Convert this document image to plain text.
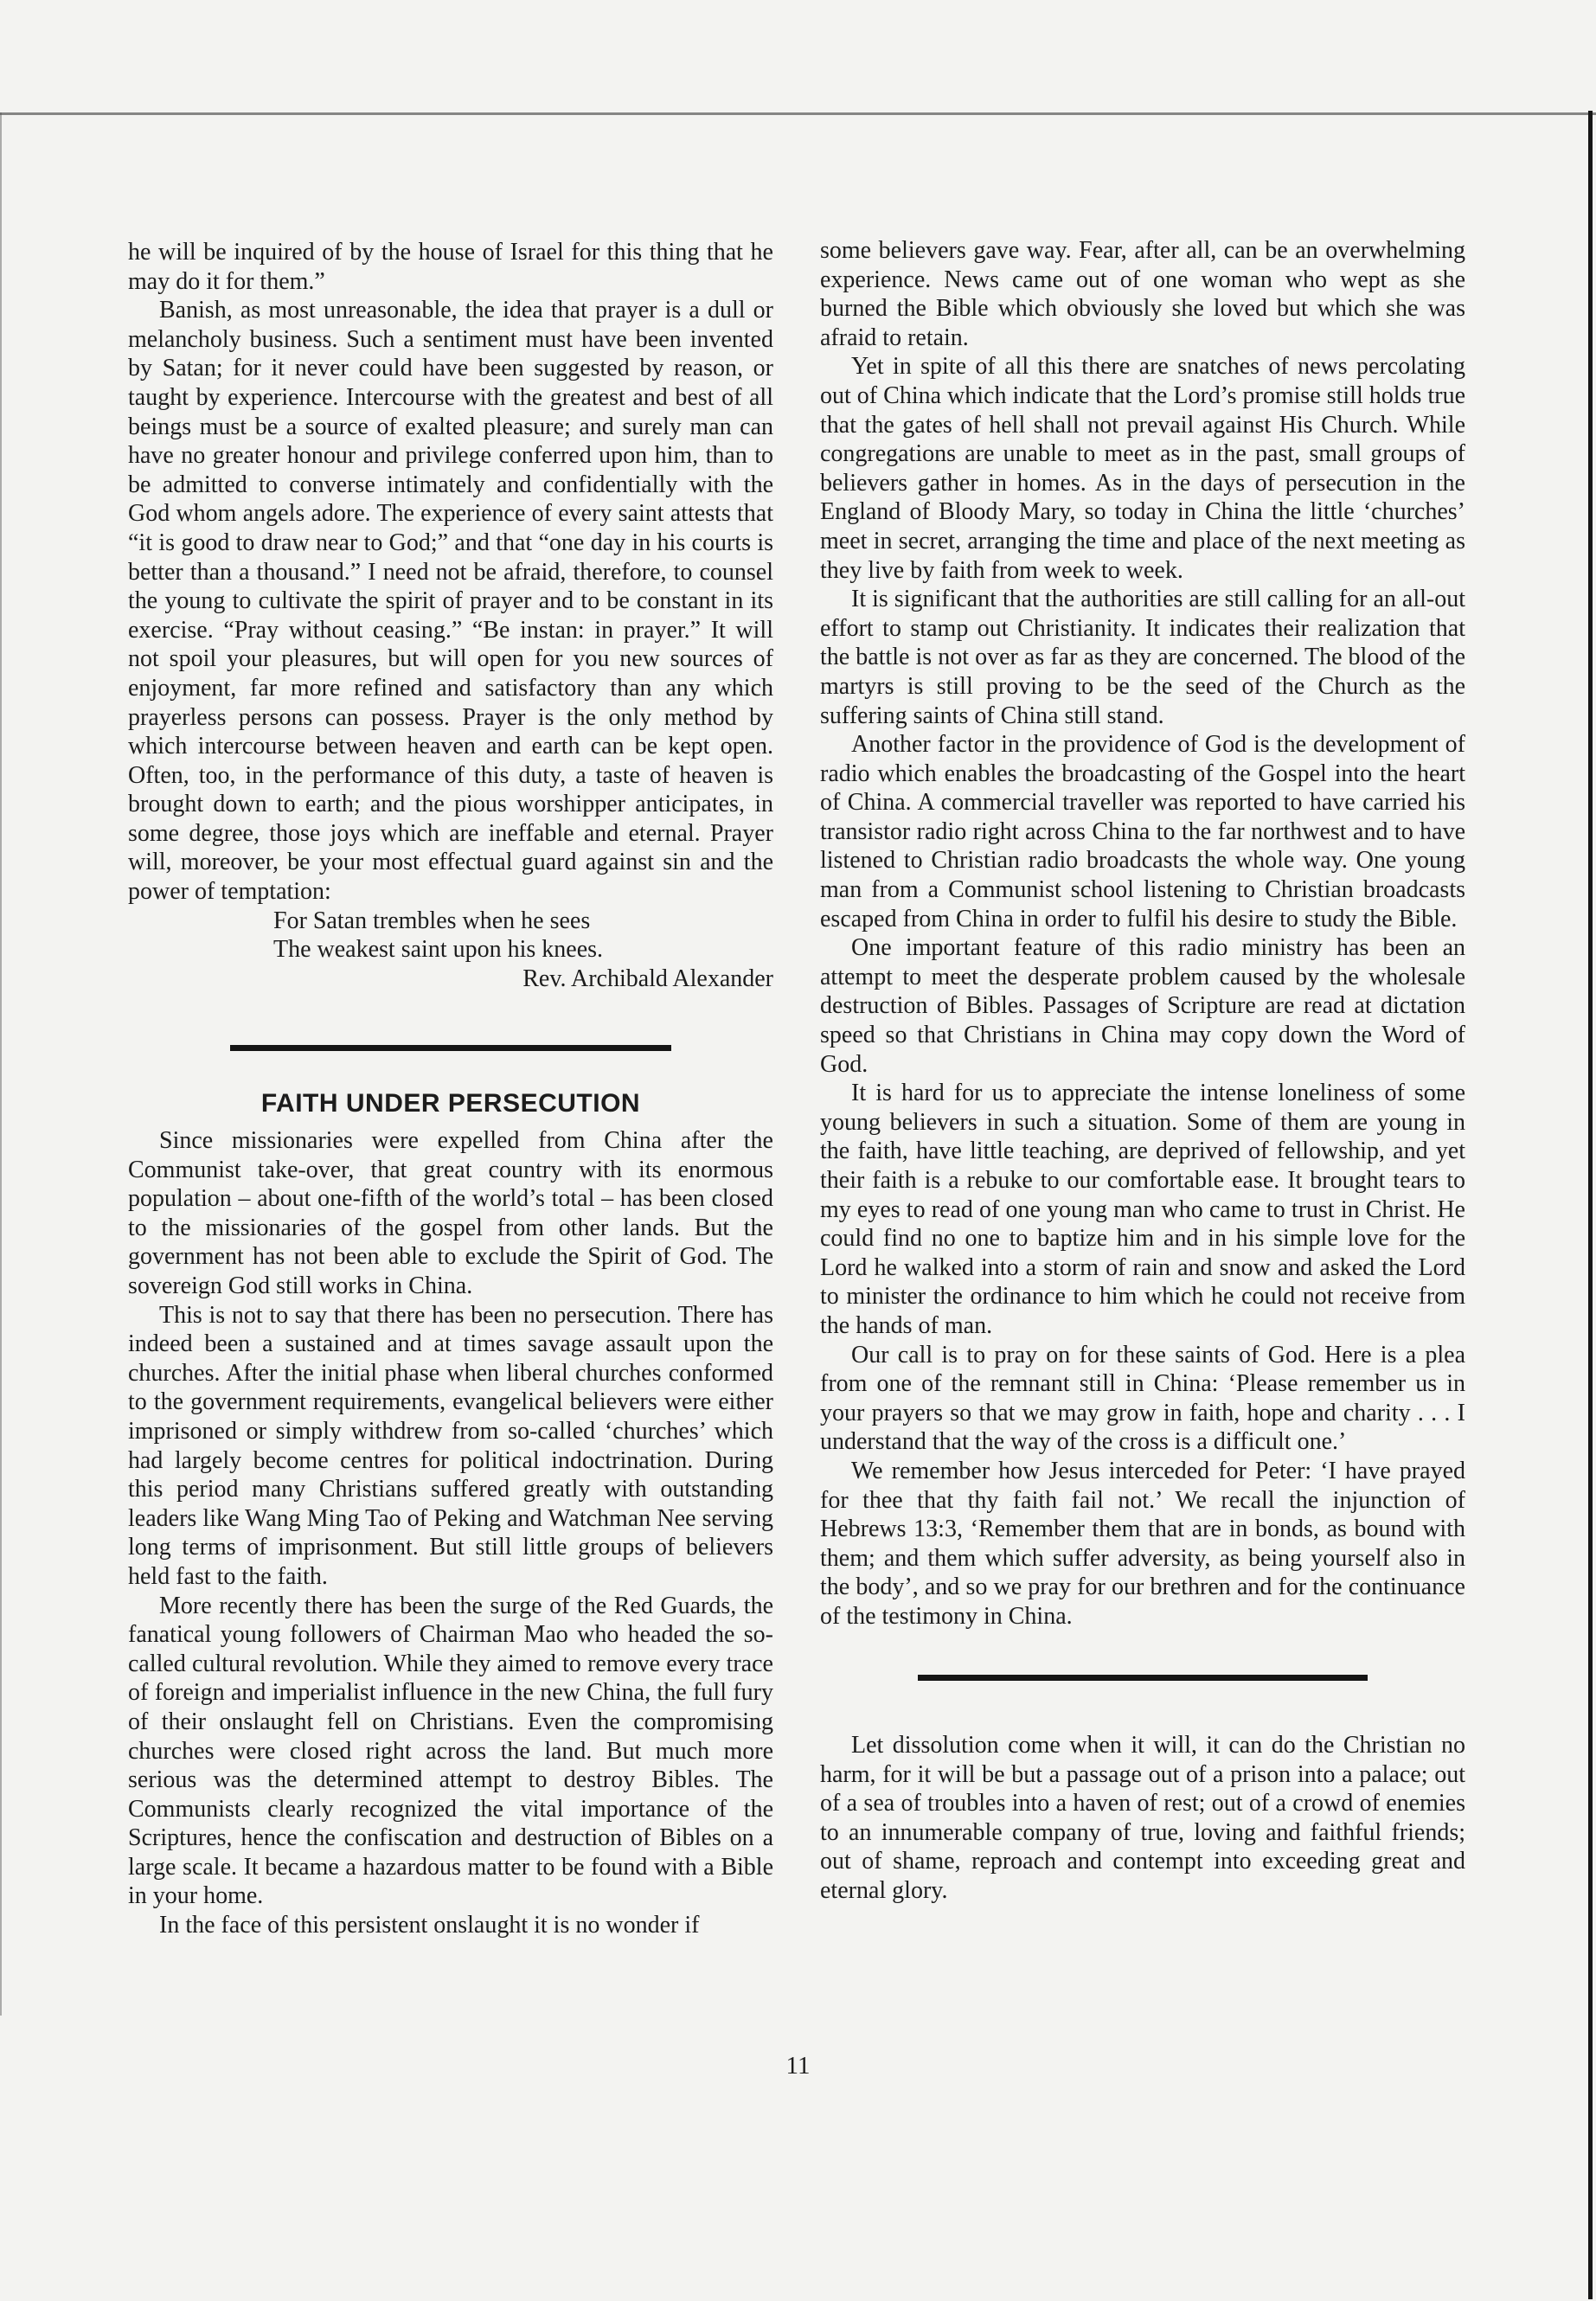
he will be inquired of by the house of Israel for this thing that he may do it for them.”

Banish, as most unreasonable, the idea that prayer is a dull or melancholy business. Such a sentiment must have been invented by Satan; for it never could have been suggested by reason, or taught by experience. Intercourse with the greatest and best of all beings must be a source of exalted pleasure; and surely man can have no greater honour and privilege conferred upon him, than to be admitted to converse intimately and confidentially with the God whom angels adore. The experience of every saint attests that “it is good to draw near to God;” and that “one day in his courts is better than a thousand.” I need not be afraid, therefore, to counsel the young to cultivate the spirit of prayer and to be constant in its exercise. “Pray without ceasing.” “Be instan: in prayer.” It will not spoil your pleasures, but will open for you new sources of enjoyment, far more refined and satisfactory than any which prayerless persons can possess. Prayer is the only method by which intercourse between heaven and earth can be kept open. Often, too, in the performance of this duty, a taste of heaven is brought down to earth; and the pious worshipper anticipates, in some degree, those joys which are ineffable and eternal. Prayer will, moreover, be your most effectual guard against sin and the power of temptation:

For Satan trembles when he sees
The weakest saint upon his knees.

Rev. Archibald Alexander

FAITH UNDER PERSECUTION

Since missionaries were expelled from China after the Communist take-over, that great country with its enormous population – about one-fifth of the world’s total – has been closed to the missionaries of the gospel from other lands. But the government has not been able to exclude the Spirit of God. The sovereign God still works in China.

This is not to say that there has been no persecution. There has indeed been a sustained and at times savage assault upon the churches. After the initial phase when liberal churches conformed to the government requirements, evangelical believers were either imprisoned or simply withdrew from so-called ‘churches’ which had largely become centres for political indoctrination. During this period many Christians suffered greatly with outstanding leaders like Wang Ming Tao of Peking and Watchman Nee serving long terms of imprisonment. But still little groups of believers held fast to the faith.

More recently there has been the surge of the Red Guards, the fanatical young followers of Chairman Mao who headed the so-called cultural revolution. While they aimed to remove every trace of foreign and imperialist influence in the new China, the full fury of their onslaught fell on Christians. Even the compromising churches were closed right across the land. But much more serious was the determined attempt to destroy Bibles. The Communists clearly recognized the vital importance of the Scriptures, hence the confiscation and destruction of Bibles on a large scale. It became a hazardous matter to be found with a Bible in your home.

In the face of this persistent onslaught it is no wonder if

some believers gave way. Fear, after all, can be an overwhelming experience. News came out of one woman who wept as she burned the Bible which obviously she loved but which she was afraid to retain.

Yet in spite of all this there are snatches of news percolating out of China which indicate that the Lord’s promise still holds true that the gates of hell shall not prevail against His Church. While congregations are unable to meet as in the past, small groups of believers gather in homes. As in the days of persecution in the England of Bloody Mary, so today in China the little ‘churches’ meet in secret, arranging the time and place of the next meeting as they live by faith from week to week.

It is significant that the authorities are still calling for an all-out effort to stamp out Christianity. It indicates their realization that the battle is not over as far as they are concerned. The blood of the martyrs is still proving to be the seed of the Church as the suffering saints of China still stand.

Another factor in the providence of God is the development of radio which enables the broadcasting of the Gospel into the heart of China. A commercial traveller was reported to have carried his transistor radio right across China to the far northwest and to have listened to Christian radio broadcasts the whole way. One young man from a Communist school listening to Christian broadcasts escaped from China in order to fulfil his desire to study the Bible.

One important feature of this radio ministry has been an attempt to meet the desperate problem caused by the wholesale destruction of Bibles. Passages of Scripture are read at dictation speed so that Christians in China may copy down the Word of God.

It is hard for us to appreciate the intense loneliness of some young believers in such a situation. Some of them are young in the faith, have little teaching, are deprived of fellowship, and yet their faith is a rebuke to our comfortable ease. It brought tears to my eyes to read of one young man who came to trust in Christ. He could find no one to baptize him and in his simple love for the Lord he walked into a storm of rain and snow and asked the Lord to minister the ordinance to him which he could not receive from the hands of man.

Our call is to pray on for these saints of God. Here is a plea from one of the remnant still in China: ‘Please remember us in your prayers so that we may grow in faith, hope and charity . . . I understand that the way of the cross is a difficult one.’

We remember how Jesus interceded for Peter: ‘I have prayed for thee that thy faith fail not.’ We recall the injunction of Hebrews 13:3, ‘Remember them that are in bonds, as bound with them; and them which suffer adversity, as being yourself also in the body’, and so we pray for our brethren and for the continuance of the testimony in China.

Let dissolution come when it will, it can do the Christian no harm, for it will be but a passage out of a prison into a palace; out of a sea of troubles into a haven of rest; out of a crowd of enemies to an innumerable company of true, loving and faithful friends; out of shame, reproach and contempt into exceeding great and eternal glory.

11
